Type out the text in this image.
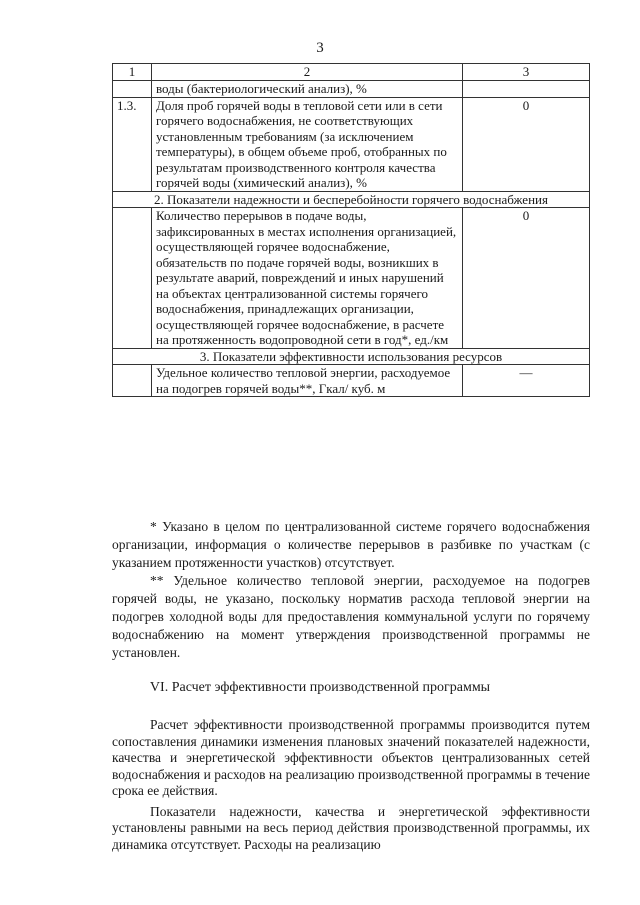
3
1	2	3
	воды (бактериологический анализ), %	
1.3.	Доля проб горячей воды в тепловой сети или в сети горячего водоснабжения, не соответствующих установленным требованиям (за исключением температуры), в общем объеме проб, отобранных по результатам производственного контроля качества горячей воды (химический анализ), %	0
2. Показатели надежности и бесперебойности горячего водоснабжения		
	Количество перерывов в подаче воды, зафиксированных в местах исполнения организацией, осуществляющей горячее водоснабжение, обязательств по подаче горячей воды, возникших в результате аварий, повреждений и иных нарушений на объектах централизованной системы горячего водоснабжения, принадлежащих организации, осуществляющей горячее водоснабжение, в расчете на протяженность водопроводной сети в год*, ед./км	0
3. Показатели эффективности использования ресурсов		
	Удельное количество тепловой энергии, расходуемое на подогрев горячей воды**, Гкал/ куб. м	—

* Указано в целом по централизованной системе горячего водоснабжения организации, информация о количестве перерывов в разбивке по участкам (с указанием протяженности участков) отсутствует.

** Удельное количество тепловой энергии, расходуемое на подогрев горячей воды, не указано, поскольку норматив расхода тепловой энергии на подогрев холодной воды для предоставления коммунальной услуги по горячему водоснабжению на момент утверждения производственной программы не установлен.

VI. Расчет эффективности производственной программы

Расчет эффективности производственной программы производится путем сопоставления динамики изменения плановых значений показателей надежности, качества и энергетической эффективности объектов централизованных сетей водоснабжения и расходов на реализацию производственной программы в течение срока ее действия.

Показатели надежности, качества и энергетической эффективности установлены равными на весь период действия производственной программы, их динамика отсутствует. Расходы на реализацию
